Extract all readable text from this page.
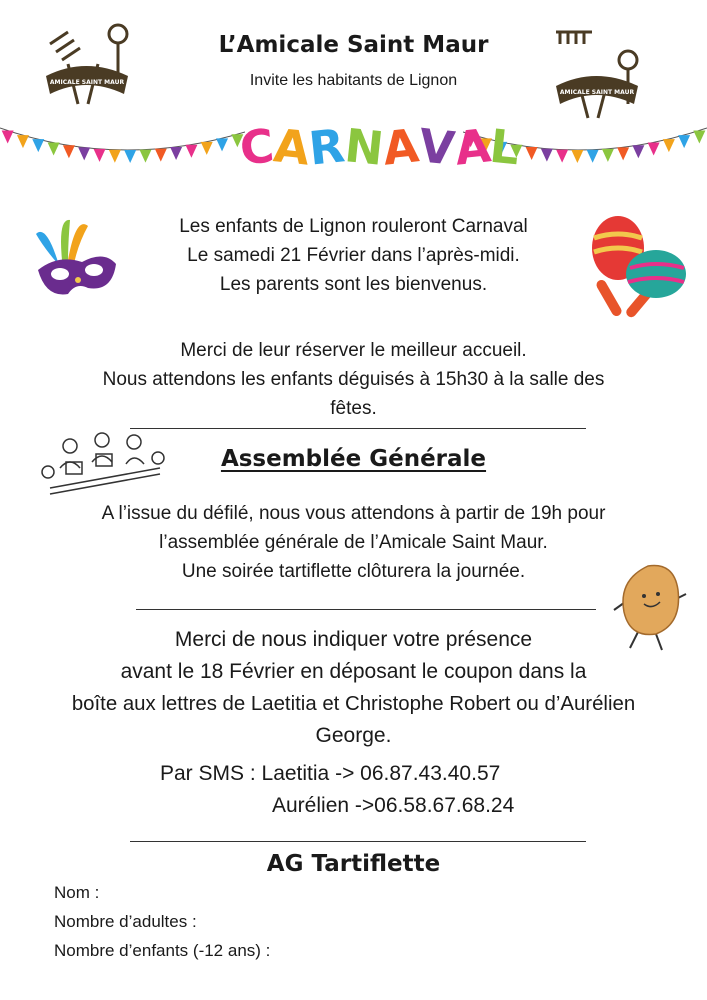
AMICALE SAINT MAUR
AMICALE SAINT MAUR
L’Amicale Saint Maur
Invite les habitants de Lignon
CARNAVAL
Les enfants de Lignon rouleront Carnaval
Le samedi 21 Février dans l’après-midi.
Les parents sont les bienvenus.
Merci de leur réserver le meilleur accueil.
Nous attendons les enfants déguisés à 15h30 à la salle des
fêtes.
Assemblée Générale
A l’issue du défilé, nous vous attendons à partir de 19h pour
l’assemblée générale de l’Amicale Saint Maur.
Une soirée tartiflette clôturera la journée.
Merci de nous indiquer votre présence
avant le 18 Février en déposant le coupon dans la
boîte aux lettres de Laetitia et Christophe Robert ou d’Aurélien
George.
Par SMS : Laetitia -> 06.87.43.40.57
Aurélien ->06.58.67.68.24
AG Tartiflette
Nom :
Nombre d’adultes :
Nombre d’enfants (-12 ans) :
